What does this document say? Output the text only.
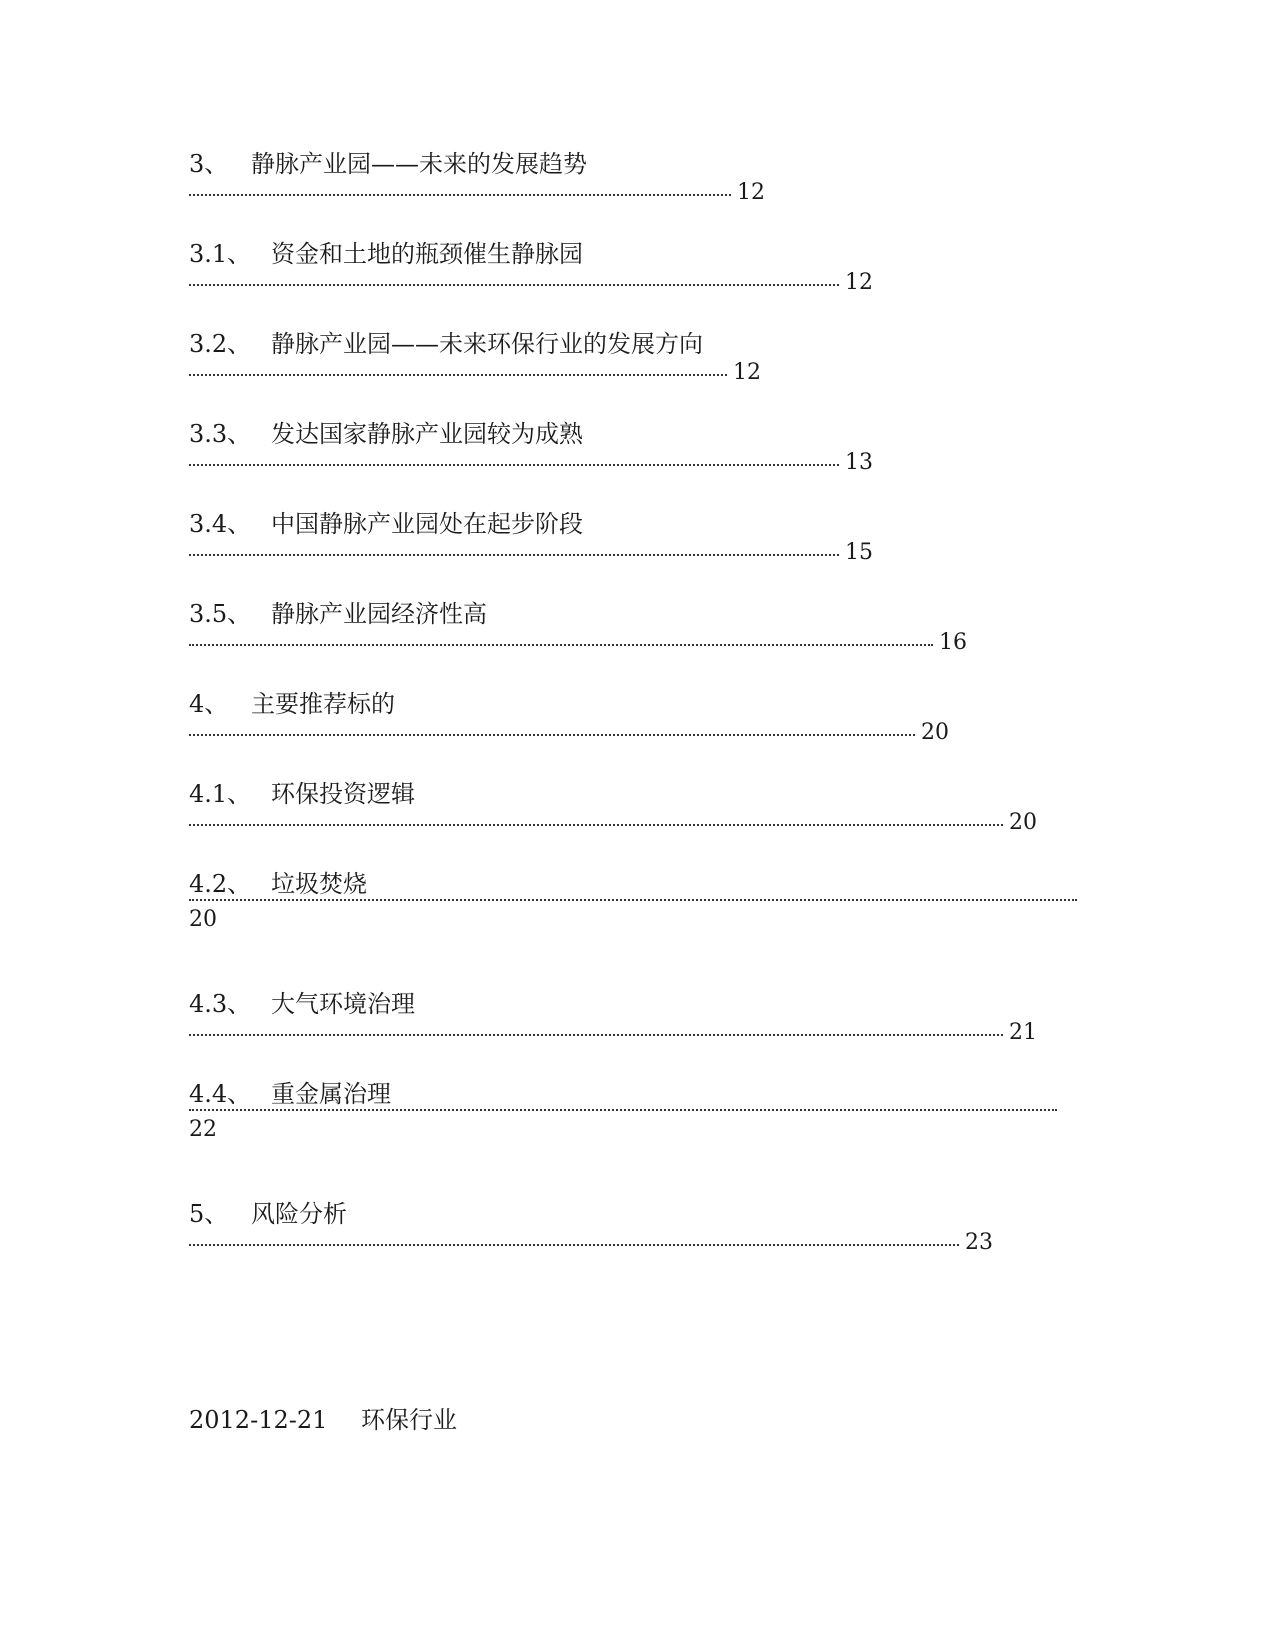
3、 静脉产业园——未来的发展趋势
12
3.1、 资金和土地的瓶颈催生静脉园
12
3.2、 静脉产业园——未来环保行业的发展方向
12
3.3、 发达国家静脉产业园较为成熟
13
3.4、 中国静脉产业园处在起步阶段
15
3.5、 静脉产业园经济性高
16
4、 主要推荐标的
20
4.1、 环保投资逻辑
20
4.2、 垃圾焚烧
20
4.3、 大气环境治理
21
4.4、 重金属治理
22
5、 风险分析
23
2012-12-21 环保行业
